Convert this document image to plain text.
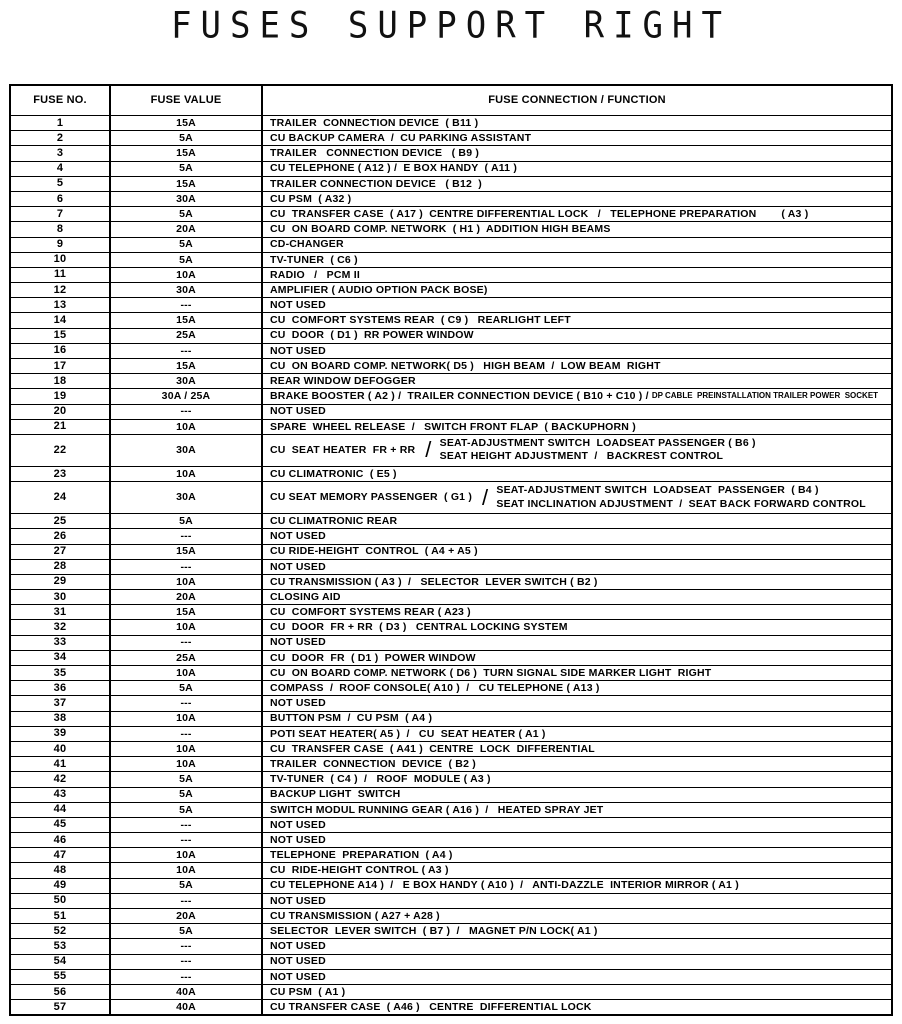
FUSES SUPPORT RIGHT
FUSE NO.	FUSE VALUE	FUSE CONNECTION / FUNCTION
1	15A	TRAILER  CONNECTION DEVICE  ( B11 )
2	5A	CU BACKUP CAMERA  /  CU PARKING ASSISTANT
3	15A	TRAILER   CONNECTION DEVICE   ( B9 )
4	5A	CU TELEPHONE ( A12 ) /  E BOX HANDY  ( A11 )
5	15A	TRAILER CONNECTION DEVICE   ( B12  )
6	30A	CU PSM  ( A32 )
7	5A	CU  TRANSFER CASE  ( A17 )  CENTRE DIFFERENTIAL LOCK   /   TELEPHONE PREPARATION        ( A3 )
8	20A	CU  ON BOARD COMP. NETWORK  ( H1 )  ADDITION HIGH BEAMS
9	5A	CD-CHANGER
10	5A	TV-TUNER  ( C6 )
11	10A	RADIO   /   PCM II
12	30A	AMPLIFIER ( AUDIO OPTION PACK BOSE)
13	---	NOT USED
14	15A	CU  COMFORT SYSTEMS REAR  ( C9 )   REARLIGHT LEFT
15	25A	CU  DOOR  ( D1 )  RR POWER WINDOW
16	---	NOT USED
17	15A	CU  ON BOARD COMP. NETWORK( D5 )   HIGH BEAM  /  LOW BEAM  RIGHT
18	30A	REAR WINDOW DEFOGGER
19	30A / 25A	BRAKE BOOSTER ( A2 ) /  TRAILER CONNECTION DEVICE ( B10 + C10 ) / DP CABLE  PREINSTALLATION TRAILER POWER  SOCKET
20	---	NOT USED
21	10A	SPARE  WHEEL RELEASE  /   SWITCH FRONT FLAP  ( BACKUPHORN )
22	30A	CU  SEAT HEATER  FR + RR / SEAT-ADJUSTMENT SWITCH  LOADSEAT PASSENGER ( B6 )
SEAT HEIGHT ADJUSTMENT  /   BACKREST CONTROL
23	10A	CU CLIMATRONIC  ( E5 )
24	30A	CU SEAT MEMORY PASSENGER  ( G1 ) / SEAT-ADJUSTMENT SWITCH  LOADSEAT  PASSENGER  ( B4 )
SEAT INCLINATION ADJUSTMENT  /  SEAT BACK FORWARD CONTROL
25	5A	CU CLIMATRONIC REAR
26	---	NOT USED
27	15A	CU RIDE-HEIGHT  CONTROL  ( A4 + A5 )
28	---	NOT USED
29	10A	CU TRANSMISSION ( A3 )  /   SELECTOR  LEVER SWITCH ( B2 )
30	20A	CLOSING AID
31	15A	CU  COMFORT SYSTEMS REAR ( A23 )
32	10A	CU  DOOR  FR + RR  ( D3 )   CENTRAL LOCKING SYSTEM
33	---	NOT USED
34	25A	CU  DOOR  FR  ( D1 )  POWER WINDOW
35	10A	CU  ON BOARD COMP. NETWORK ( D6 )  TURN SIGNAL SIDE MARKER LIGHT  RIGHT
36	5A	COMPASS  /  ROOF CONSOLE( A10 )  /   CU TELEPHONE ( A13 )
37	---	NOT USED
38	10A	BUTTON PSM  /  CU PSM  ( A4 )
39	---	POTI SEAT HEATER( A5 )  /   CU  SEAT HEATER ( A1 )
40	10A	CU  TRANSFER CASE  ( A41 )  CENTRE  LOCK  DIFFERENTIAL
41	10A	TRAILER  CONNECTION  DEVICE  ( B2 )
42	5A	TV-TUNER  ( C4 )  /   ROOF  MODULE ( A3 )
43	5A	BACKUP LIGHT  SWITCH
44	5A	SWITCH MODUL RUNNING GEAR ( A16 )  /   HEATED SPRAY JET
45	---	NOT USED
46	---	NOT USED
47	10A	TELEPHONE  PREPARATION  ( A4 )
48	10A	CU  RIDE-HEIGHT CONTROL ( A3 )
49	5A	CU TELEPHONE A14 )  /   E BOX HANDY ( A10 )  /   ANTI-DAZZLE  INTERIOR MIRROR ( A1 )
50	---	NOT USED
51	20A	CU TRANSMISSION ( A27 + A28 )
52	5A	SELECTOR  LEVER SWITCH  ( B7 )  /   MAGNET P/N LOCK( A1 )
53	---	NOT USED
54	---	NOT USED
55	---	NOT USED
56	40A	CU PSM  ( A1 )
57	40A	CU TRANSFER CASE  ( A46 )   CENTRE  DIFFERENTIAL LOCK
